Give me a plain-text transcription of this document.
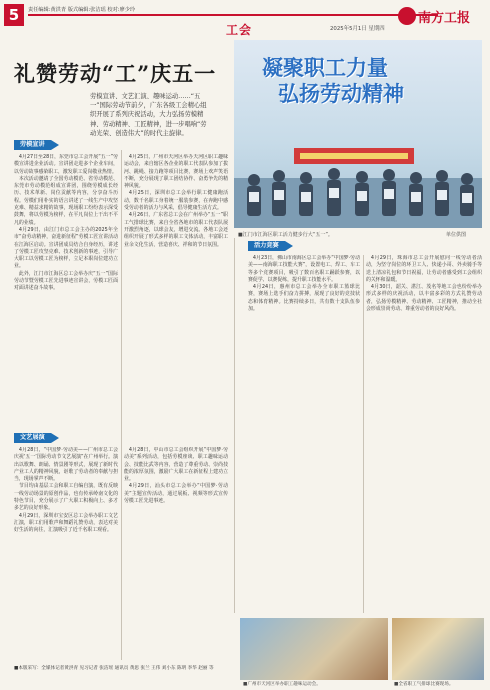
5	责任编辑:黄洪青 版式编辑:张洁瑶 校对:廖少玲
工会	2025年5月1日 星期四
南方工报
礼赞劳动“工”庆五一
劳模宣讲、文艺汇演、趣味运动……“五一”国际劳动节前夕，广东各级工会精心组织开展了系列庆祝活动，大力弘扬劳模精神、劳动精神、工匠精神，进一步唱响“劳动光荣、创造伟大”的时代主旋律。
凝聚职工力量
弘扬劳动精神
■江门市江海区职工活力健步行大“五一”。	单位供图
劳模宣讲
文艺展演
活力竞赛

4月27日至28日，东莞市总工会开展“五一”劳模宣讲进企业活动。宣讲团走进多个企业车间，以劳动故事感染职工，激发职工爱岗敬业热情。

本次活动邀请了全国劳动模范、省劳动模范、东莞市劳动模范组成宣讲团，围绕劳模成长经历、技术革新、岗位贡献等内容，分享奋斗历程。劳模们用朴实的语言讲述了一线生产中攻坚克难、精益求精的故事，现场职工纷纷表示深受鼓舞，将以劳模为榜样，在平凡岗位上干出不平凡的业绩。

4月29日，由江门市总工会主办的2025年全市“奋劳动精神，奋进新征程”劳模工匠宣讲活动在江海区启动。宣讲团成员结合自身经历，讲述了劳模工匠攻坚克难、技术创新的事迹，引导广大职工以劳模工匠为榜样，立足本职岗位建功立业。

此外，江门市江海区总工会举办庆“五一”国际劳动节暨劳模工匠先进事迹宣讲会，劳模工匠面对面讲述奋斗故事。

4月25日，广州市天河区举办天河区职工趣味运动会，来自辖区各企业的职工代表队参加了拔河、跳绳、接力跑等项目比赛，赛场上欢声笑语不断，充分展现了职工团结协作、奋勇争先的精神风貌。

4月25日，深圳市总工会举行职工健康跑活动，数千名职工身着统一服装参赛，在奔跑中感受劳动者的活力与风采，倡导健康生活方式。

4月26日，广东省总工会在广州举办“五一”职工气排球比赛，来自全省各地市的职工代表队展开激烈角逐，以球会友，增进交流。各地工会还组织开展了形式多样的职工文体活动，丰富职工业余文化生活，营造喜庆、祥和的节日氛围。

4月28日，“中国梦·劳动美——广州市总工会庆祝‘五一’国际劳动节文艺展演”在广州举行。演出以歌舞、朗诵、情景剧等形式，展现了新时代产业工人的精神风貌，讴歌了劳动者的奉献与担当，现场掌声不断。

节目均由基层工会和职工自编自演，既有反映一线劳动场景的原创作品，也有传承岭南文化的特色节目，充分展示了广大职工积极向上、多才多艺的良好形象。

4月29日，深圳市宝安区总工会举办职工文艺汇演，职工们用歌声和舞蹈礼赞劳动，表达对美好生活的向往，汇演吸引了近千名职工观看。

4月28日，中山市总工会组织开展“中国梦·劳动美”系列活动，包括劳模座谈、职工趣味运动会、技能比武等内容，营造了尊重劳动、崇尚技能的浓厚氛围，激励广大职工在新征程上建功立业。

4月29日，汕头市总工会举办“中国梦·劳动美”主题宣传活动，通过展板、视频等形式宣传劳模工匠先进事迹。

4月23日，佛山市南海区总工会举办“中国梦·劳动美——南海职工技能大赛”，设置电工、焊工、车工等多个竞赛项目，吸引了数百名职工踊跃参赛，以赛促学、以赛促练，提升职工技能水平。

4月24日，惠州市总工会举办全市职工篮球比赛，赛场上选手们奋力拼搏，展现了良好的竞技状态和体育精神。比赛持续多日，共有数十支队伍参加。

4月29日，珠海市总工会开展慰问一线劳动者活动，为坚守岗位的环卫工人、快递小哥、外卖骑手等送上清凉礼包和节日祝福，让劳动者感受到工会组织的关怀和温暖。

4月30日，韶关、湛江、茂名等地工会也纷纷举办形式多样的庆祝活动，以丰富多彩的方式礼赞劳动者，弘扬劳模精神、劳动精神、工匠精神，推动全社会形成崇尚劳动、尊重劳动者的良好风尚。

■广州市天河区举办职工趣味运动会。	■全省职工气排球比赛现场。
■本版采写：全媒体记者黄洪青 见习记者 张洁瑶 通讯员 黄思 张兰 王伟 刘小东 陈明 李华 赵丽 等
